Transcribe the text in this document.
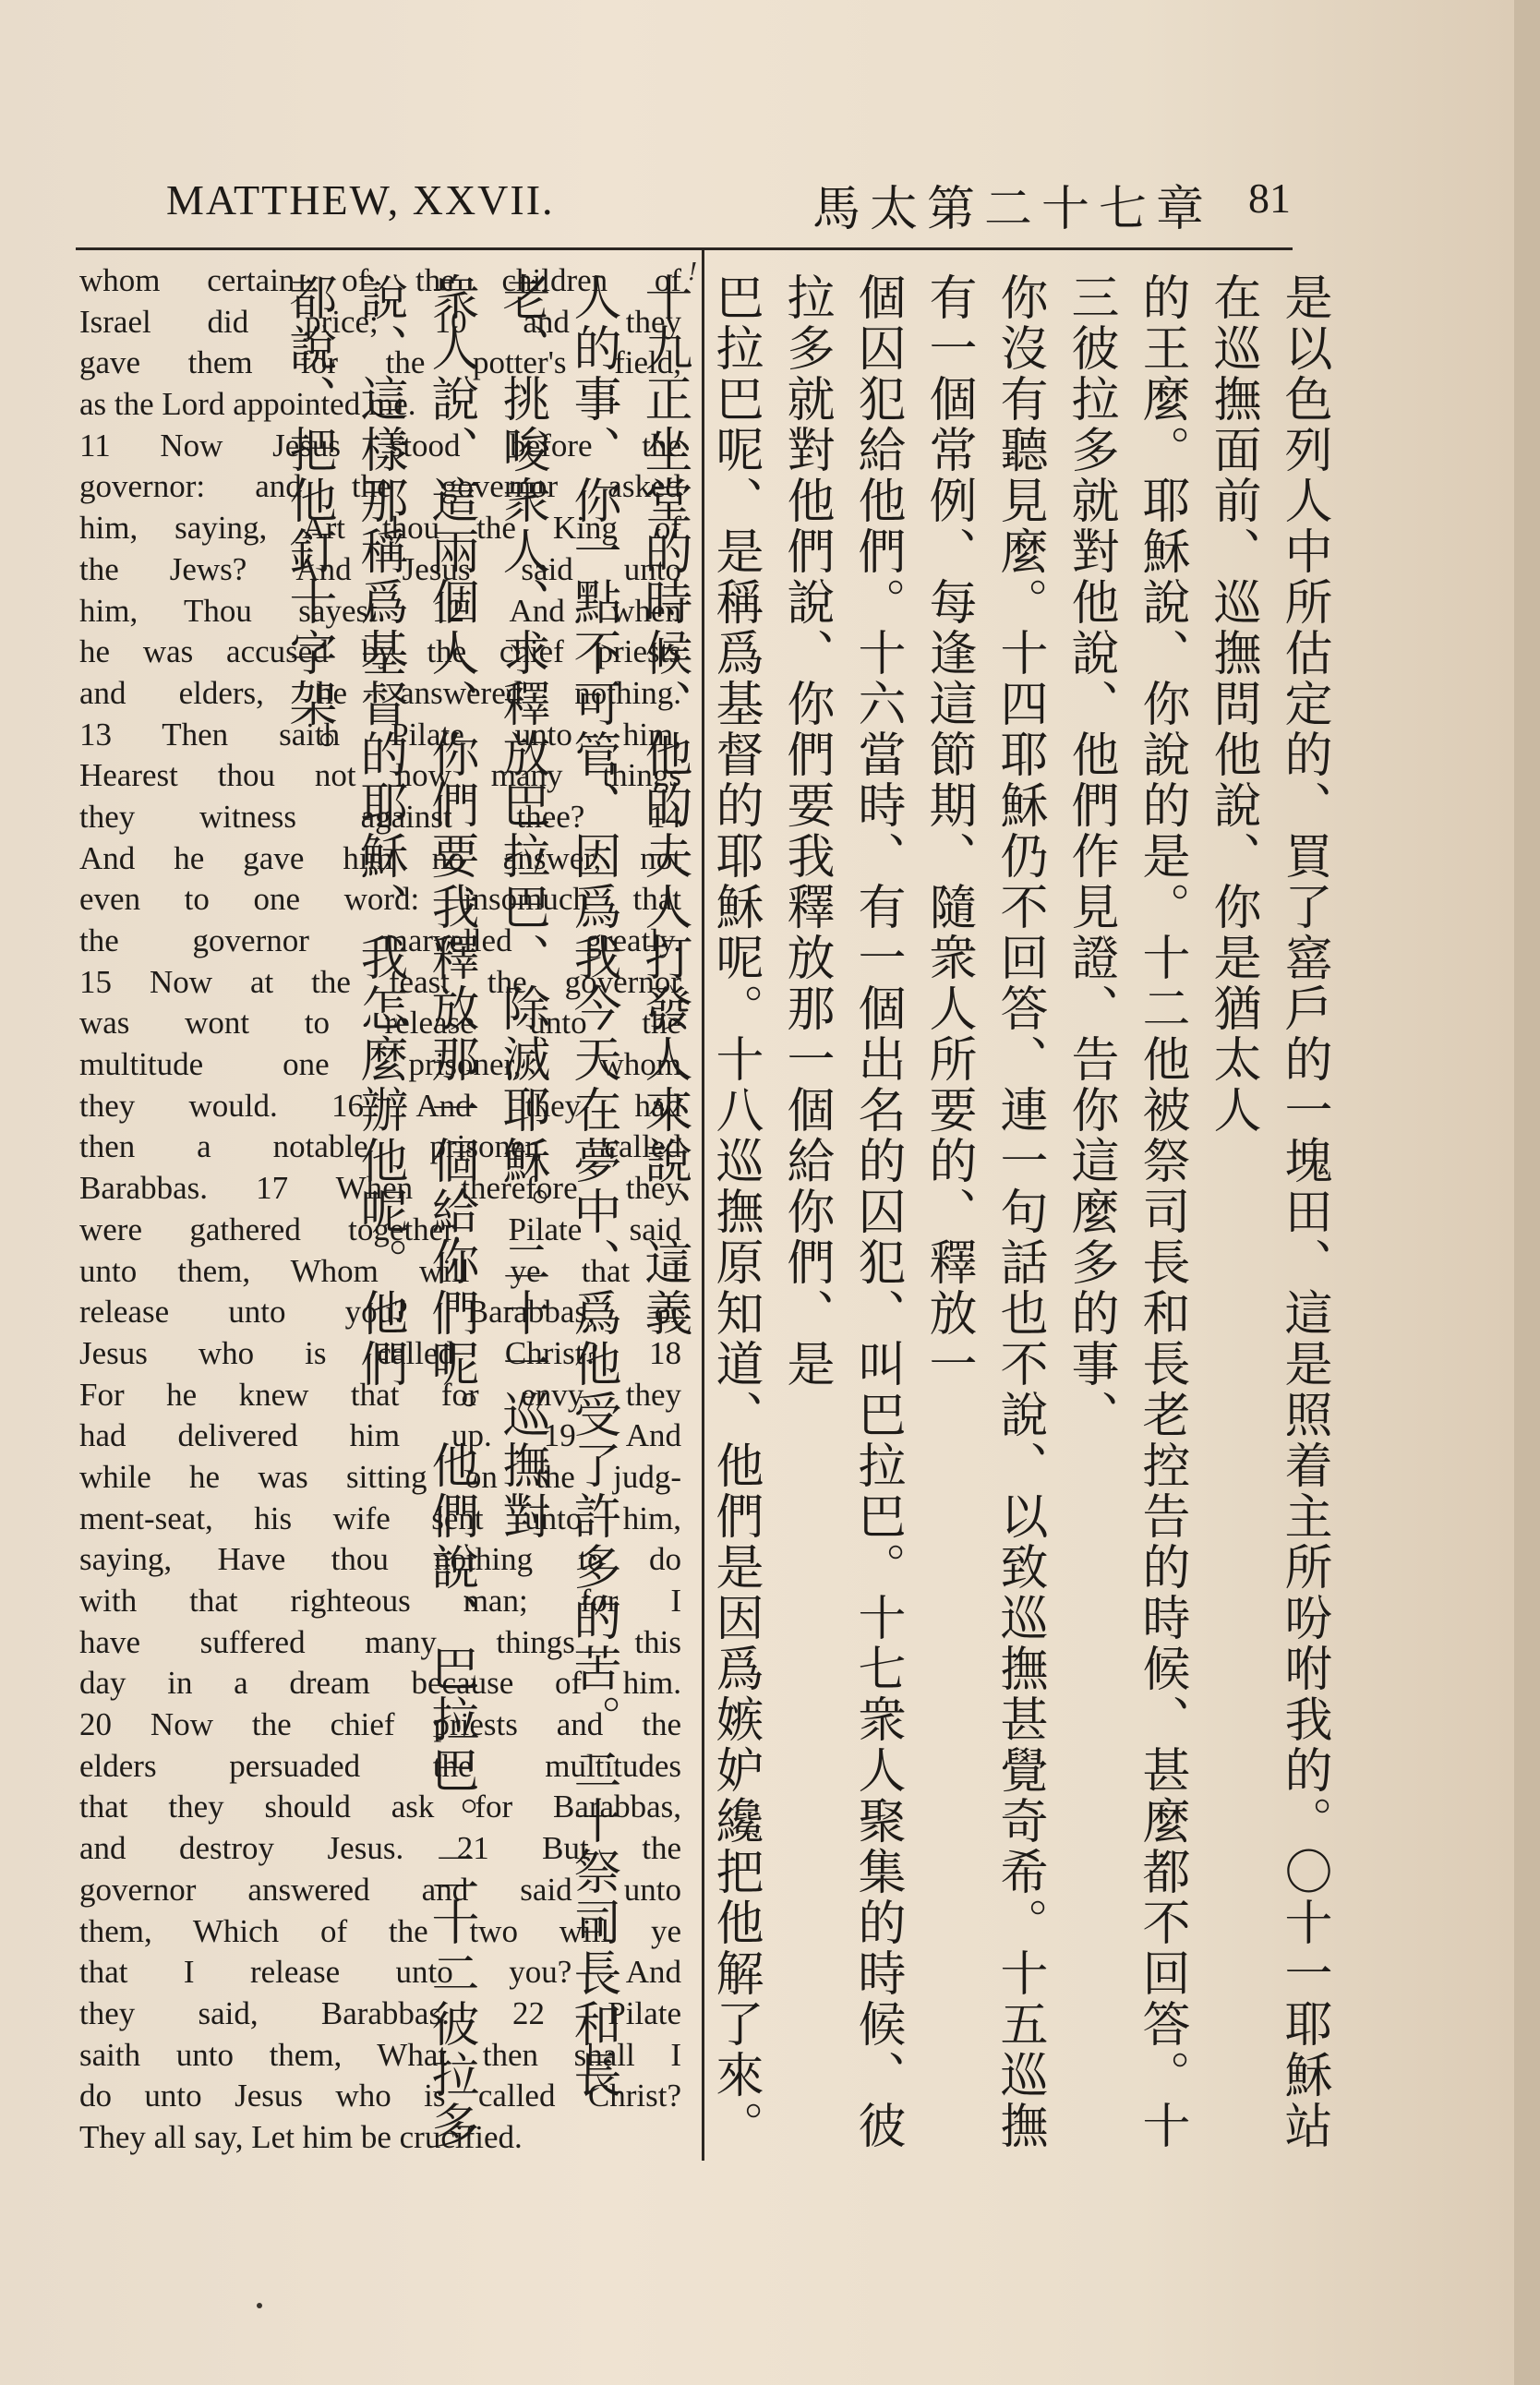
MATTHEW, XXVII.	馬太第二十七章 81
!
whom certain of the children of
Israel did price; 10 and they
gave them for the potter's field,
as the Lord appointed me.
11 Now Jesus stood before the
governor: and the governor asked
him, saying, Art thou the King of
the Jews? And Jesus said unto
him, Thou sayest. 12 And when
he was accused by the chief priests
and elders, he answered nothing.
13 Then saith Pilate unto him,
Hearest thou not how many things
they witness against thee? 14
And he gave him no answer, not
even to one word: insomuch that
the governor marvelled greatly.
15 Now at the feast the governor
was wont to release unto the
multitude one prisoner, whom
they would. 16 And they had
then a notable prisoner, called
Barabbas. 17 When therefore they
were gathered together, Pilate said
unto them, Whom will ye that I
release unto you? Barabbas, or
Jesus who is called Christ? 18
For he knew that for envy they
had delivered him up. 19 And
while he was sitting on the judg-
ment-seat, his wife sent unto him,
saying, Have thou nothing to do
with that righteous man; for I
have suffered many things this
day in a dream because of him.
20 Now the chief priests and the
elders persuaded the multitudes
that they should ask for Barabbas,
and destroy Jesus. 21 But the
governor answered and said unto
them, Which of the two will ye
that I release unto you? And
they said, Barabbas. 22 Pilate
saith unto them, What then shall I
do unto Jesus who is called Christ?
They all say, Let him be crucified.	是以色列人中所估定的、買了窰戶的一塊田、這是照着主所吩咐我的。〇十一耶穌站在巡撫面前、巡撫問他說、你是猶太人
的王麼。耶穌說、你說的是。十二他被祭司長和長老控告的時候、甚麼都不回答。十三彼拉多就對他說、他們作見證、告你這麼多的事、
你沒有聽見麼。十四耶穌仍不回答、連一句話也不說、以致巡撫甚覺奇希。十五巡撫有一個常例、每逢這節期、隨衆人所要的、釋放一
個囚犯給他們。十六當時、有一個出名的囚犯、叫巴拉巴。十七衆人聚集的時候、彼拉多就對他們說、你們要我釋放那一個給你們、是
巴拉巴呢、是稱爲基督的耶穌呢。十八巡撫原知道、他們是因爲嫉妒纔把他解了來。十九正坐堂的時候、他的夫人打發人來說、這義
人的事、你一點不可管、因爲我今天在夢中、爲他受了許多的苦。二十祭司長和長老、挑唆衆人、求釋放巴拉巴、除滅耶穌。二十一巡撫對
衆人說、這兩個人、你們要我釋放那一個給你們呢。他們說、巴拉巴。二十二彼拉多說、這樣那稱爲基督的耶穌、我怎麼辦他呢。他們
都說、把他釘十字架。
